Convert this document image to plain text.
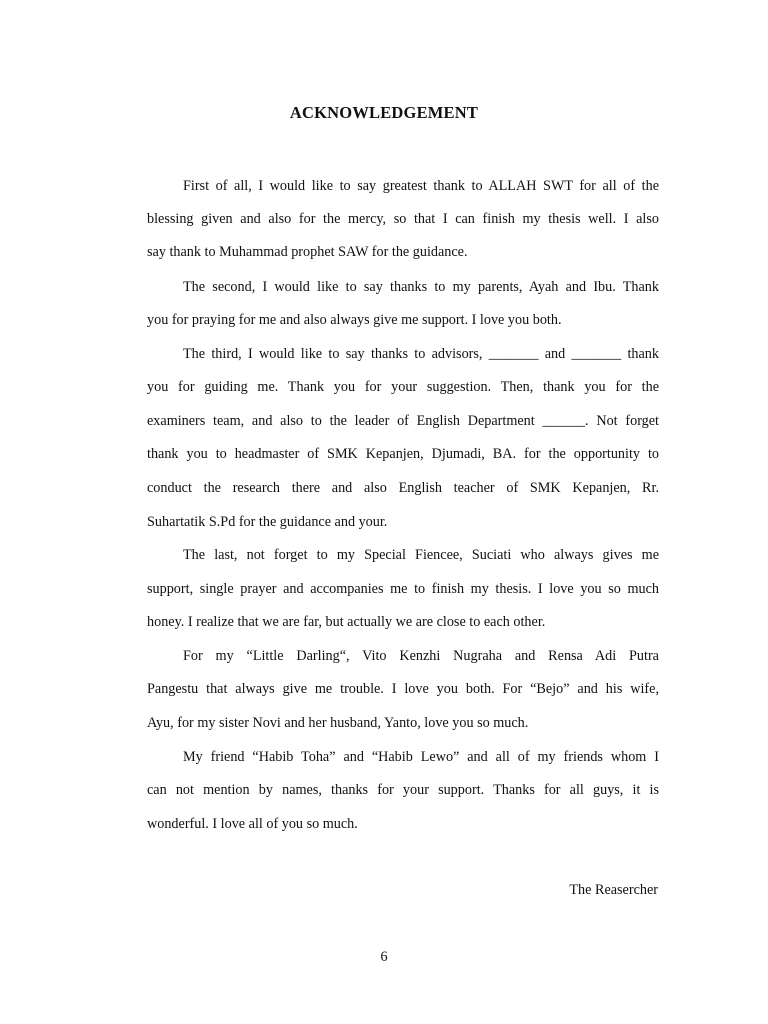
ACKNOWLEDGEMENT
First of all, I would like to say greatest thank to ALLAH SWT for all of the
blessing given and also for the mercy, so that I can finish my thesis well. I also
say thank to Muhammad prophet SAW for the guidance.
The second, I would like to say thanks to my parents, Ayah and Ibu. Thank
you for praying for me and also always give me support. I love you both.
The third, I would like to say thanks to advisors, _______ and _______ thank
you for guiding me. Thank you for your suggestion. Then, thank you for the
examiners team, and also to the leader of English Department ______. Not forget
thank you to headmaster of SMK Kepanjen, Djumadi, BA. for the opportunity to
conduct the research there and also English teacher of SMK Kepanjen, Rr.
Suhartatik S.Pd for the guidance and your.
The last, not forget to my Special Fiencee, Suciati who always gives me
support, single prayer and accompanies me to finish my thesis. I love you so much
honey. I realize that we are far, but actually we are close to each other.
For my “Little Darling“, Vito Kenzhi Nugraha and Rensa Adi Putra
Pangestu that always give me trouble. I love you both. For “Bejo” and his wife,
Ayu, for my sister Novi and her husband, Yanto, love you so much.
My friend “Habib Toha” and “Habib Lewo” and all of my friends whom I
can not mention by names, thanks for your support. Thanks for all guys, it is
wonderful. I love all of you so much.
The Reasercher
6
